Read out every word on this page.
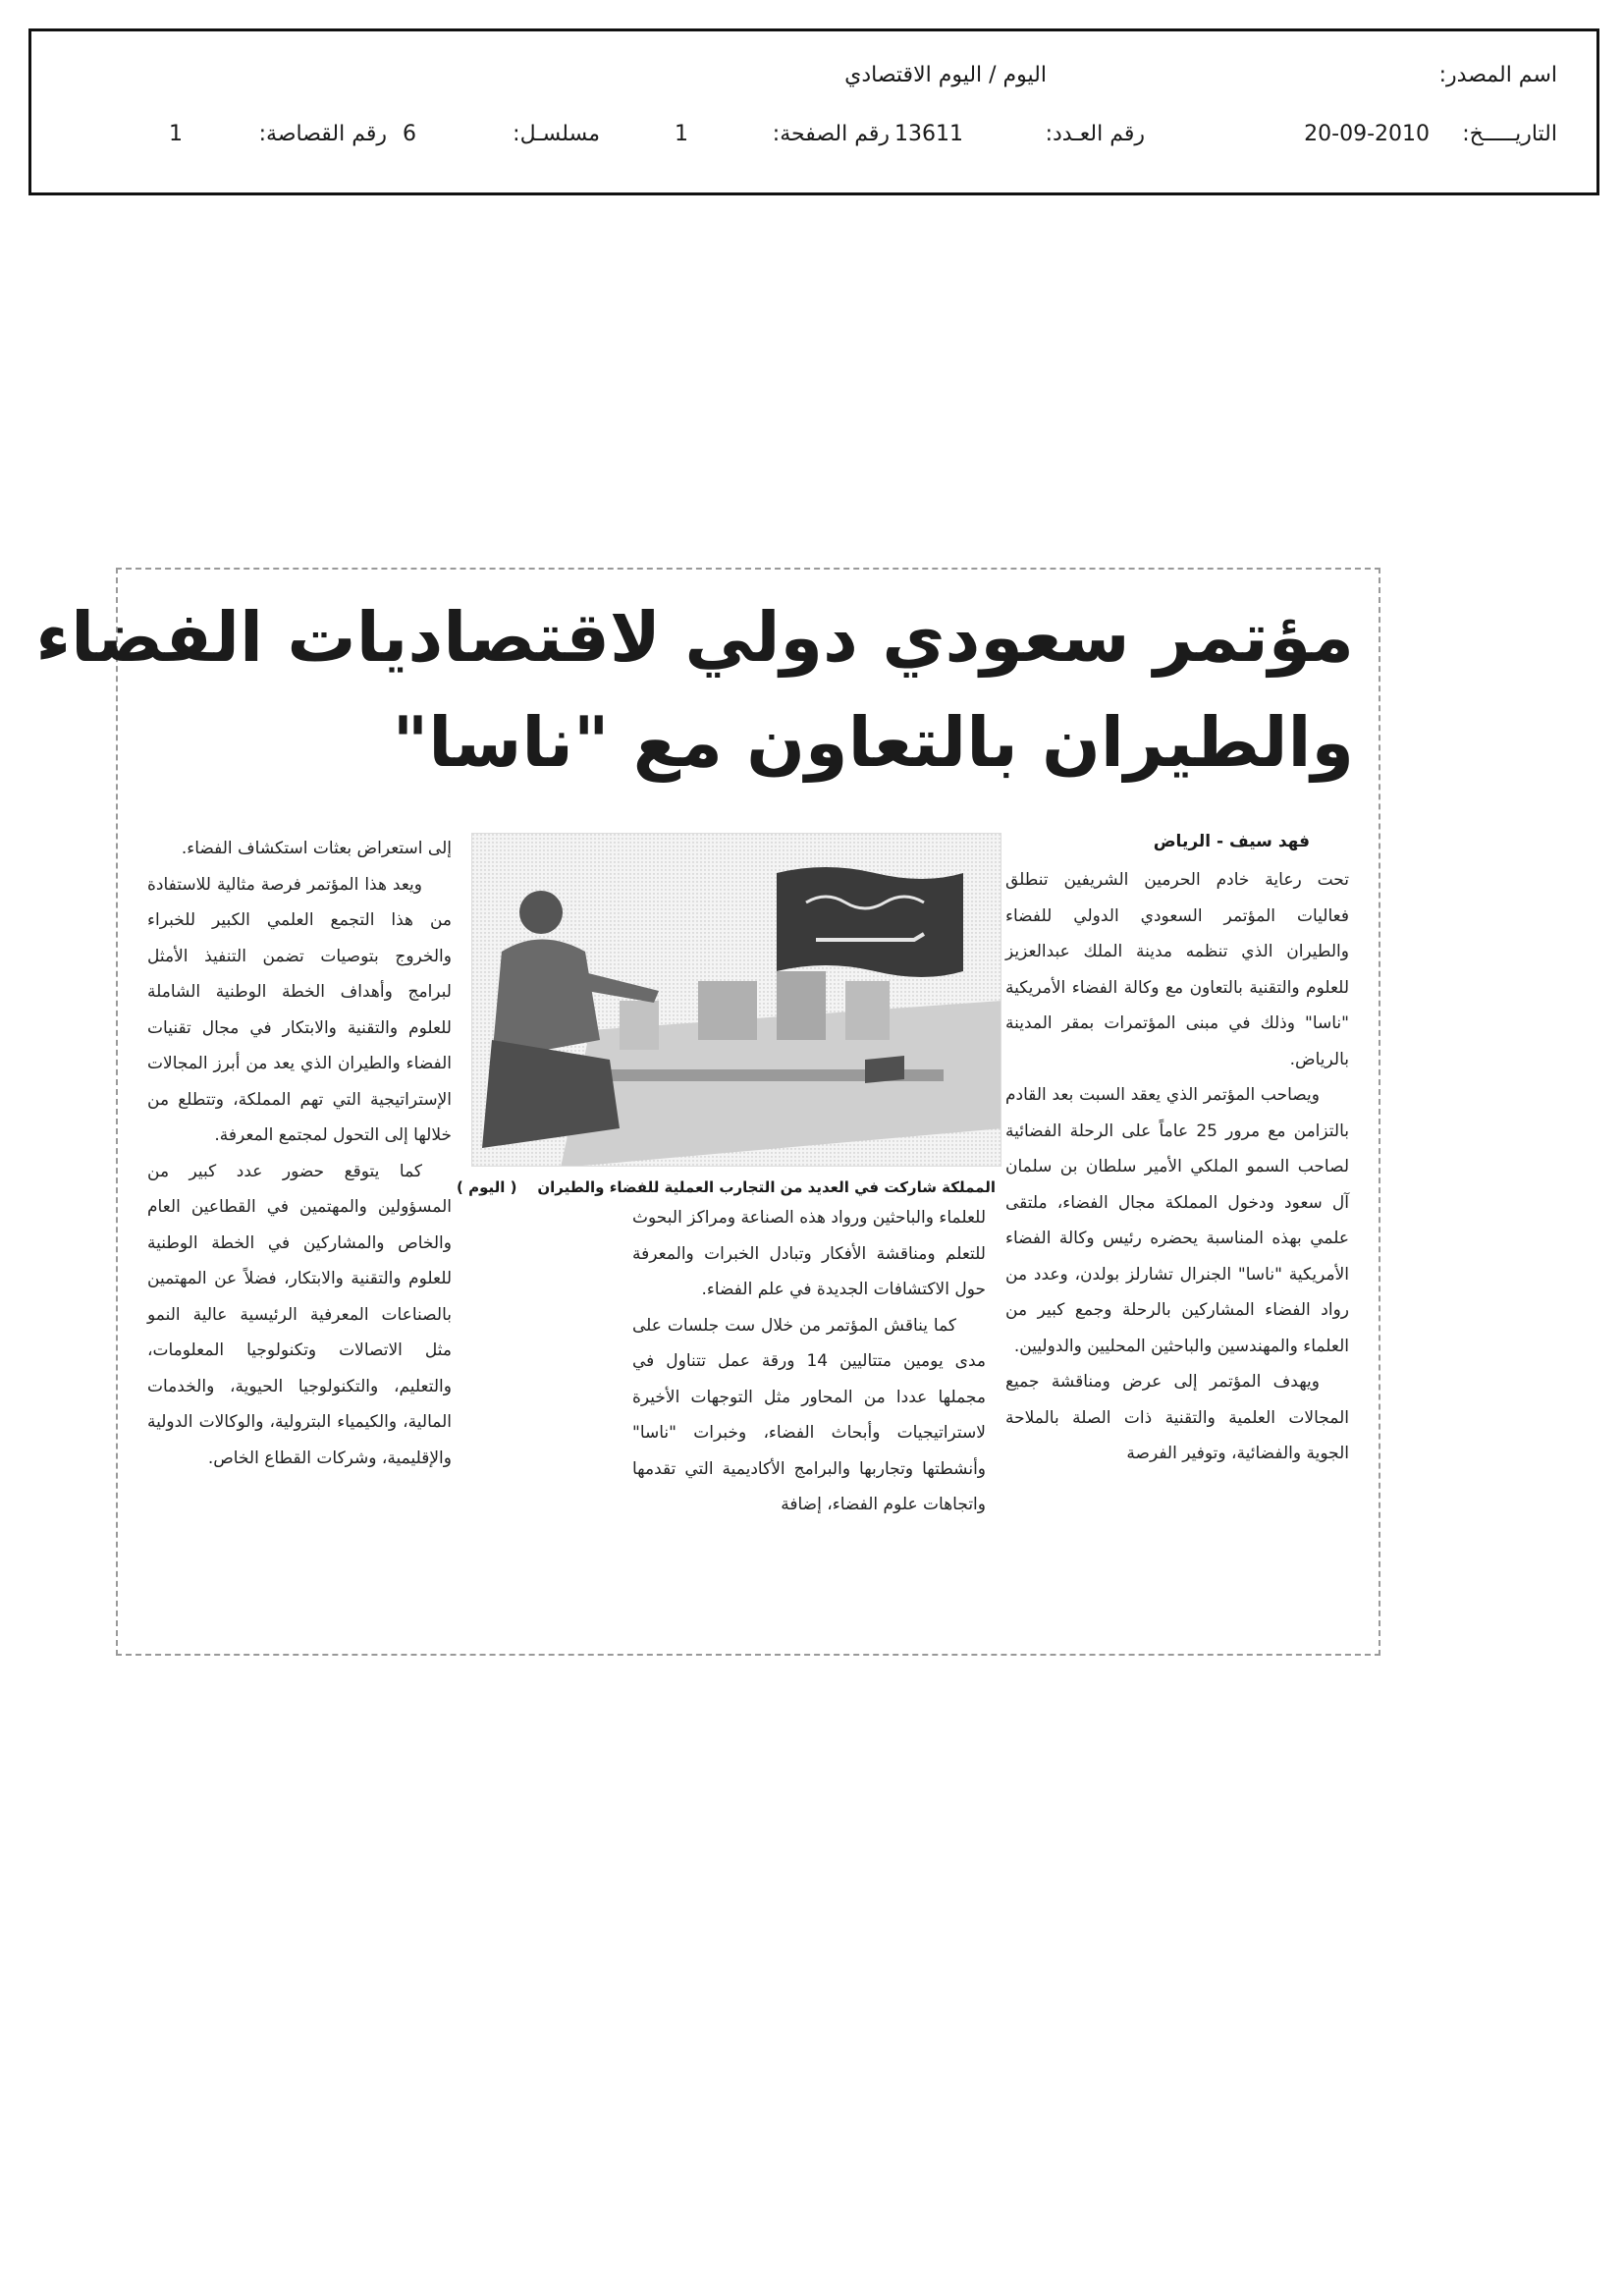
اسم المصدر:
اليوم / اليوم الاقتصادي
التاريـــــخ:
20-09-2010
رقم العـدد:
13611
رقم الصفحة:
1
مسلسـل:
6
رقم القصاصة:
1
مؤتمر سعودي دولي لاقتصاديات الفضاء
والطيران بالتعاون مع "ناسا"
فهد سيف - الرياض

تحت رعاية خادم الحرمين الشريفين تنطلق فعاليات المؤتمر السعودي الدولي للفضاء والطيران الذي تنظمه مدينة الملك عبدالعزيز للعلوم والتقنية بالتعاون مع وكالة الفضاء الأمريكية "ناسا" وذلك في مبنى المؤتمرات بمقر المدينة بالرياض.

ويصاحب المؤتمر الذي يعقد السبت بعد القادم بالتزامن مع مرور 25 عاماً على الرحلة الفضائية لصاحب السمو الملكي الأمير سلطان بن سلمان آل سعود ودخول المملكة مجال الفضاء، ملتقى علمي بهذه المناسبة يحضره رئيس وكالة الفضاء الأمريكية "ناسا" الجنرال تشارلز بولدن، وعدد من رواد الفضاء المشاركين بالرحلة وجمع كبير من العلماء والمهندسين والباحثين المحليين والدوليين.

ويهدف المؤتمر إلى عرض ومناقشة جميع المجالات العلمية والتقنية ذات الصلة بالملاحة الجوية والفضائية، وتوفير الفرصة

المملكة شاركت في العديد من التجارب العملية للفضاء والطيران
( اليوم )

للعلماء والباحثين ورواد هذه الصناعة ومراكز البحوث للتعلم ومناقشة الأفكار وتبادل الخبرات والمعرفة حول الاكتشافات الجديدة في علم الفضاء.

كما يناقش المؤتمر من خلال ست جلسات على مدى يومين متتاليين 14 ورقة عمل تتناول في مجملها عددا من المحاور مثل التوجهات الأخيرة لاستراتيجيات وأبحاث الفضاء، وخبرات "ناسا" وأنشطتها وتجاربها والبرامج الأكاديمية التي تقدمها واتجاهات علوم الفضاء، إضافة

إلى استعراض بعثات استكشاف الفضاء.

ويعد هذا المؤتمر فرصة مثالية للاستفادة من هذا التجمع العلمي الكبير للخبراء والخروج بتوصيات تضمن التنفيذ الأمثل لبرامج وأهداف الخطة الوطنية الشاملة للعلوم والتقنية والابتكار في مجال تقنيات الفضاء والطيران الذي يعد من أبرز المجالات الإستراتيجية التي تهم المملكة، وتتطلع من خلالها إلى التحول لمجتمع المعرفة.

كما يتوقع حضور عدد كبير من المسؤولين والمهتمين في القطاعين العام والخاص والمشاركين في الخطة الوطنية للعلوم والتقنية والابتكار، فضلاً عن المهتمين بالصناعات المعرفية الرئيسية عالية النمو مثل الاتصالات وتكنولوجيا المعلومات، والتعليم، والتكنولوجيا الحيوية، والخدمات المالية، والكيمياء البترولية، والوكالات الدولية والإقليمية، وشركات القطاع الخاص.
